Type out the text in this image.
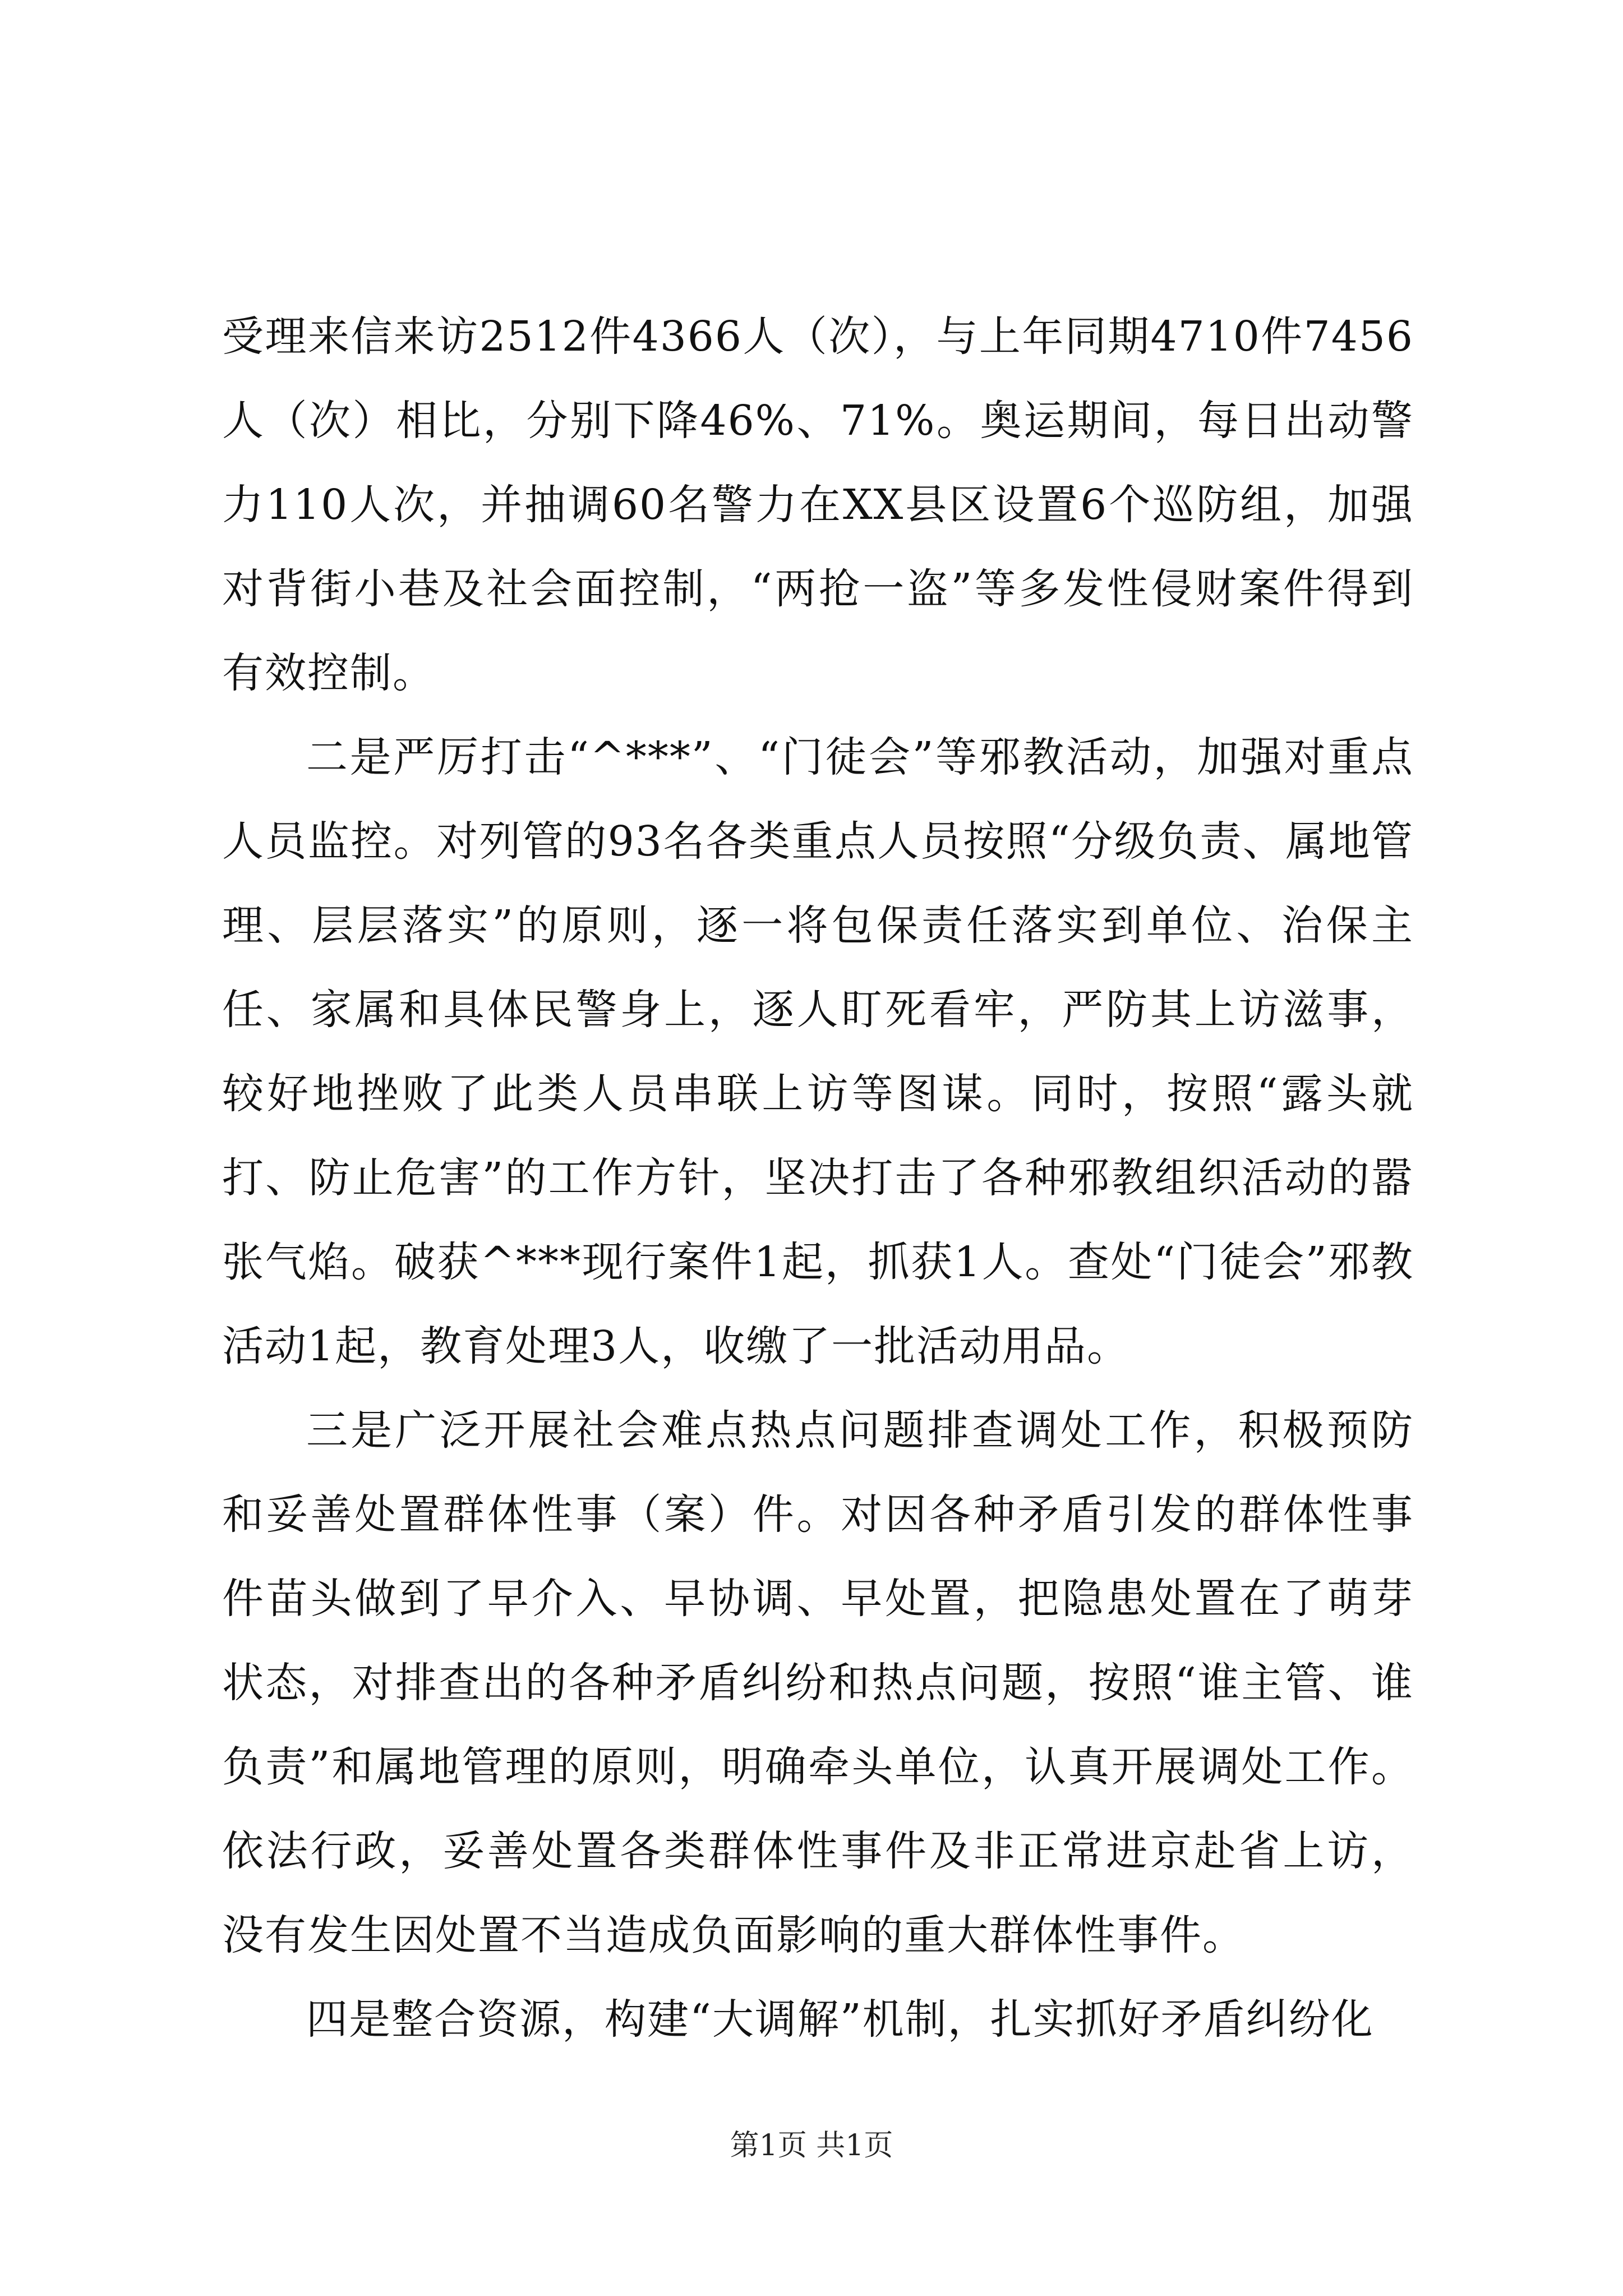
受理来信来访2512件4366人（次），与上年同期4710件7456人（次）相比，分别下降46%、71%。奥运期间，每日出动警力110人次，并抽调60名警力在XX县区设置6个巡防组，加强对背街小巷及社会面控制，“两抢一盗”等多发性侵财案件得到有效控制。

二是严厉打击“^***”、“门徒会”等邪教活动，加强对重点人员监控。对列管的93名各类重点人员按照“分级负责、属地管理、层层落实”的原则，逐一将包保责任落实到单位、治保主任、家属和具体民警身上，逐人盯死看牢，严防其上访滋事，较好地挫败了此类人员串联上访等图谋。同时，按照“露头就打、防止危害”的工作方针，坚决打击了各种邪教组织活动的嚣张气焰。破获^***现行案件1起，抓获1人。查处“门徒会”邪教活动1起，教育处理3人，收缴了一批活动用品。

三是广泛开展社会难点热点问题排查调处工作，积极预防和妥善处置群体性事（案）件。对因各种矛盾引发的群体性事件苗头做到了早介入、早协调、早处置，把隐患处置在了萌芽状态，对排查出的各种矛盾纠纷和热点问题，按照“谁主管、谁负责”和属地管理的原则，明确牵头单位，认真开展调处工作。依法行政，妥善处置各类群体性事件及非正常进京赴省上访，没有发生因处置不当造成负面影响的重大群体性事件。

四是整合资源，构建“大调解”机制，扎实抓好矛盾纠纷化

第1页 共1页
